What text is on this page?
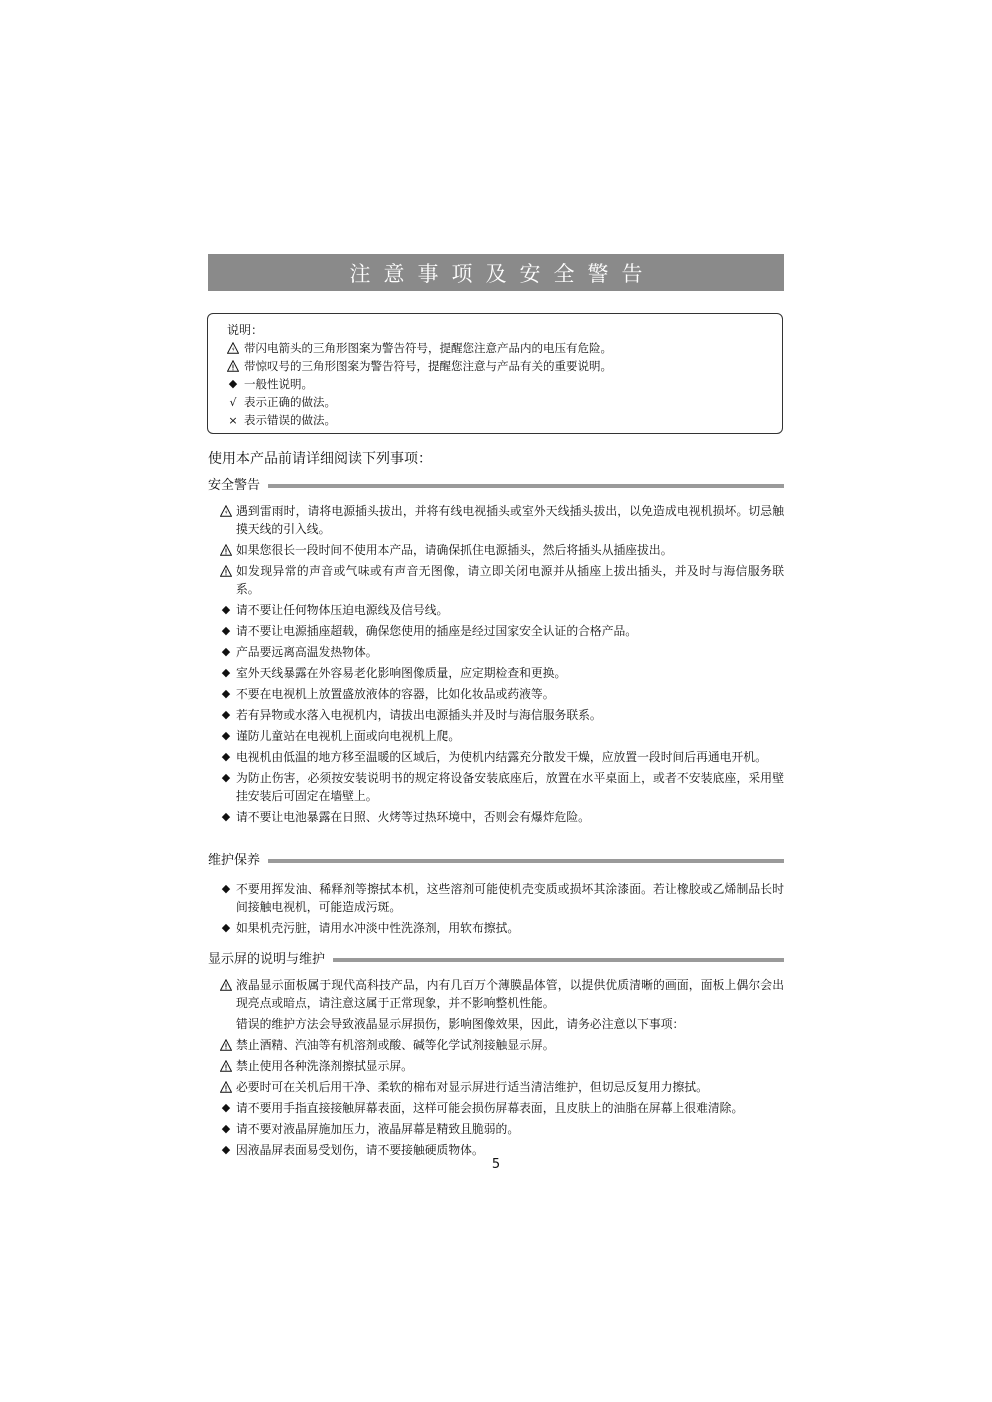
注意事项及安全警告
说明：
带闪电箭头的三角形图案为警告符号，提醒您注意产品内的电压有危险。
带惊叹号的三角形图案为警告符号，提醒您注意与产品有关的重要说明。
◆ 一般性说明。
√ 表示正确的做法。
× 表示错误的做法。
使用本产品前请详细阅读下列事项：
安全警告
遇到雷雨时，请将电源插头拔出，并将有线电视插头或室外天线插头拔出，以免造成电视机损坏。切忌触摸天线的引入线。
如果您很长一段时间不使用本产品，请确保抓住电源插头，然后将插头从插座拔出。
如发现异常的声音或气味或有声音无图像，请立即关闭电源并从插座上拔出插头，并及时与海信服务联系。
◆ 请不要让任何物体压迫电源线及信号线。
◆ 请不要让电源插座超载，确保您使用的插座是经过国家安全认证的合格产品。
◆ 产品要远离高温发热物体。
◆ 室外天线暴露在外容易老化影响图像质量，应定期检查和更换。
◆ 不要在电视机上放置盛放液体的容器，比如化妆品或药液等。
◆ 若有异物或水落入电视机内，请拔出电源插头并及时与海信服务联系。
◆ 谨防儿童站在电视机上面或向电视机上爬。
◆ 电视机由低温的地方移至温暖的区域后，为使机内结露充分散发干燥，应放置一段时间后再通电开机。
◆ 为防止伤害，必须按安装说明书的规定将设备安装底座后，放置在水平桌面上，或者不安装底座，采用壁挂安装后可固定在墙壁上。
◆ 请不要让电池暴露在日照、火烤等过热环境中，否则会有爆炸危险。
维护保养
◆ 不要用挥发油、稀释剂等擦拭本机，这些溶剂可能使机壳变质或损坏其涂漆面。若让橡胶或乙烯制品长时间接触电视机，可能造成污斑。
◆ 如果机壳污脏，请用水冲淡中性洗涤剂，用软布擦拭。
显示屏的说明与维护
液晶显示面板属于现代高科技产品，内有几百万个薄膜晶体管，以提供优质清晰的画面，面板上偶尔会出现亮点或暗点，请注意这属于正常现象，并不影响整机性能。
错误的维护方法会导致液晶显示屏损伤，影响图像效果，因此，请务必注意以下事项：
禁止酒精、汽油等有机溶剂或酸、碱等化学试剂接触显示屏。
禁止使用各种洗涤剂擦拭显示屏。
必要时可在关机后用干净、柔软的棉布对显示屏进行适当清洁维护，但切忌反复用力擦拭。
◆ 请不要用手指直接接触屏幕表面，这样可能会损伤屏幕表面，且皮肤上的油脂在屏幕上很难清除。
◆ 请不要对液晶屏施加压力，液晶屏幕是精致且脆弱的。
◆ 因液晶屏表面易受划伤，请不要接触硬质物体。
5
